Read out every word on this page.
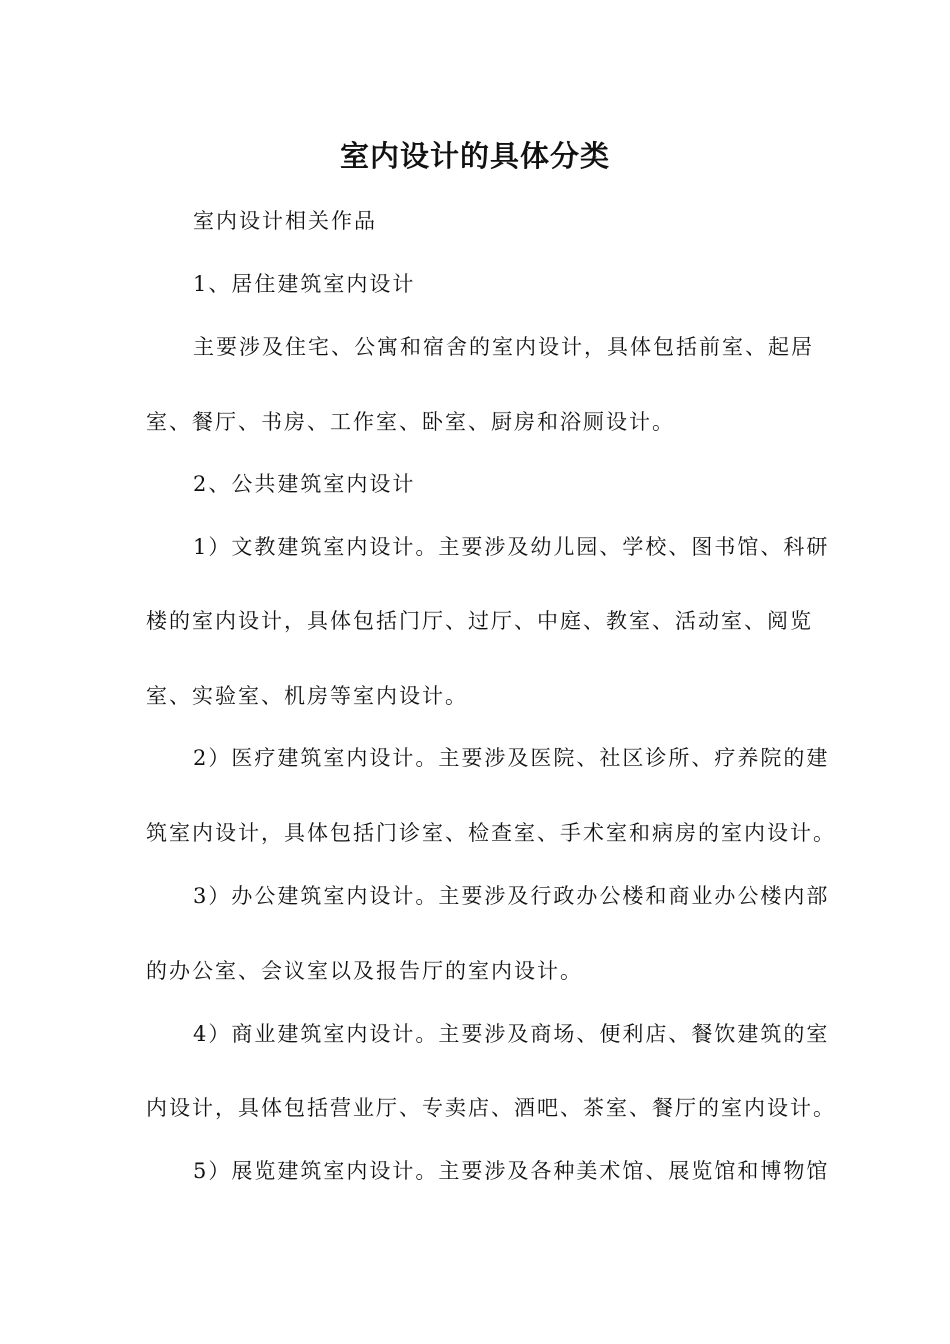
室内设计的具体分类

室内设计相关作品

1、居住建筑室内设计

主要涉及住宅、公寓和宿舍的室内设计，具体包括前室、起居

室、餐厅、书房、工作室、卧室、厨房和浴厕设计。

2、公共建筑室内设计

1）文教建筑室内设计。主要涉及幼儿园、学校、图书馆、科研

楼的室内设计，具体包括门厅、过厅、中庭、教室、活动室、阅览

室、实验室、机房等室内设计。

2）医疗建筑室内设计。主要涉及医院、社区诊所、疗养院的建

筑室内设计，具体包括门诊室、检查室、手术室和病房的室内设计。

3）办公建筑室内设计。主要涉及行政办公楼和商业办公楼内部

的办公室、会议室以及报告厅的室内设计。

4）商业建筑室内设计。主要涉及商场、便利店、餐饮建筑的室

内设计，具体包括营业厅、专卖店、酒吧、茶室、餐厅的室内设计。

5）展览建筑室内设计。主要涉及各种美术馆、展览馆和博物馆
